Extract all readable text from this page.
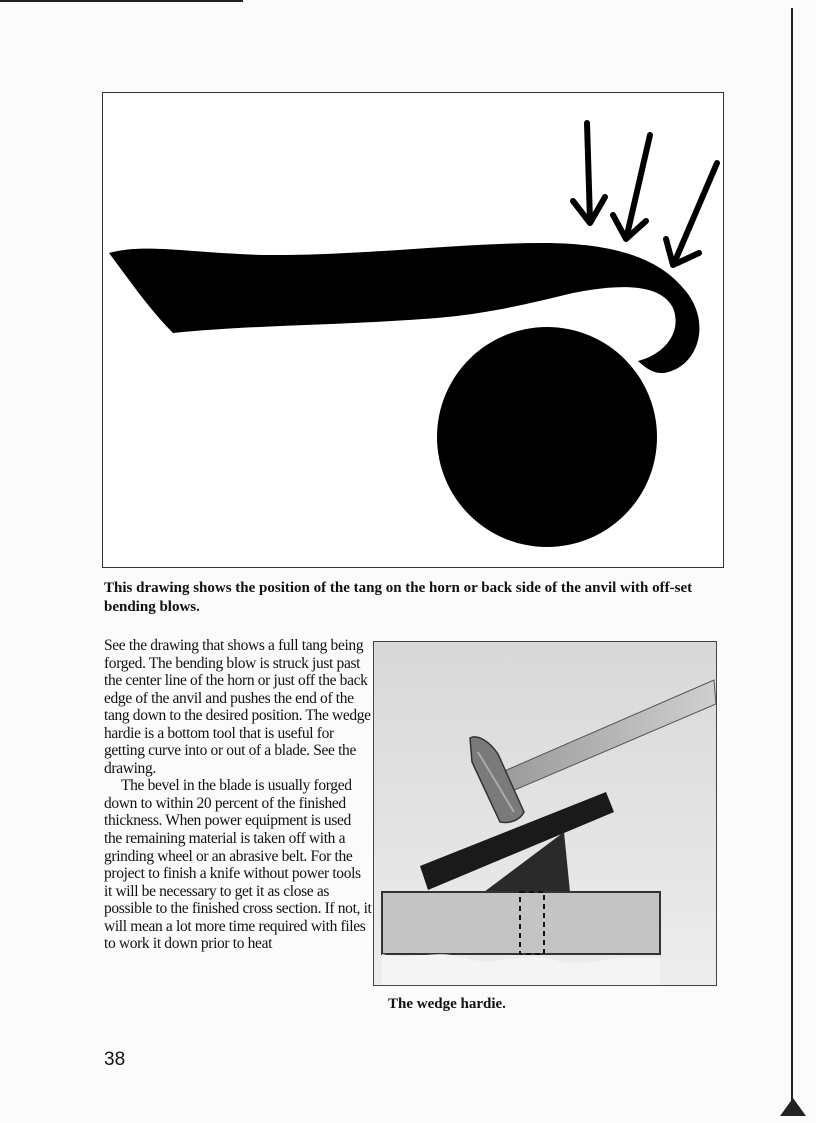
This drawing shows the position of the tang on the horn or back side of the anvil with off-set bending blows.

See the drawing that shows a full tang being forged. The bending blow is struck just past the center line of the horn or just off the back edge of the anvil and pushes the end of the tang down to the desired position. The wedge hardie is a bottom tool that is useful for getting curve into or out of a blade. See the drawing.

The bevel in the blade is usually forged down to within 20 percent of the finished thickness. When power equipment is used the remaining material is taken off with a grinding wheel or an abrasive belt. For the project to finish a knife without power tools it will be necessary to get it as close as possible to the finished cross section. If not, it will mean a lot more time required with files to work it down prior to heat

The wedge hardie.
38
